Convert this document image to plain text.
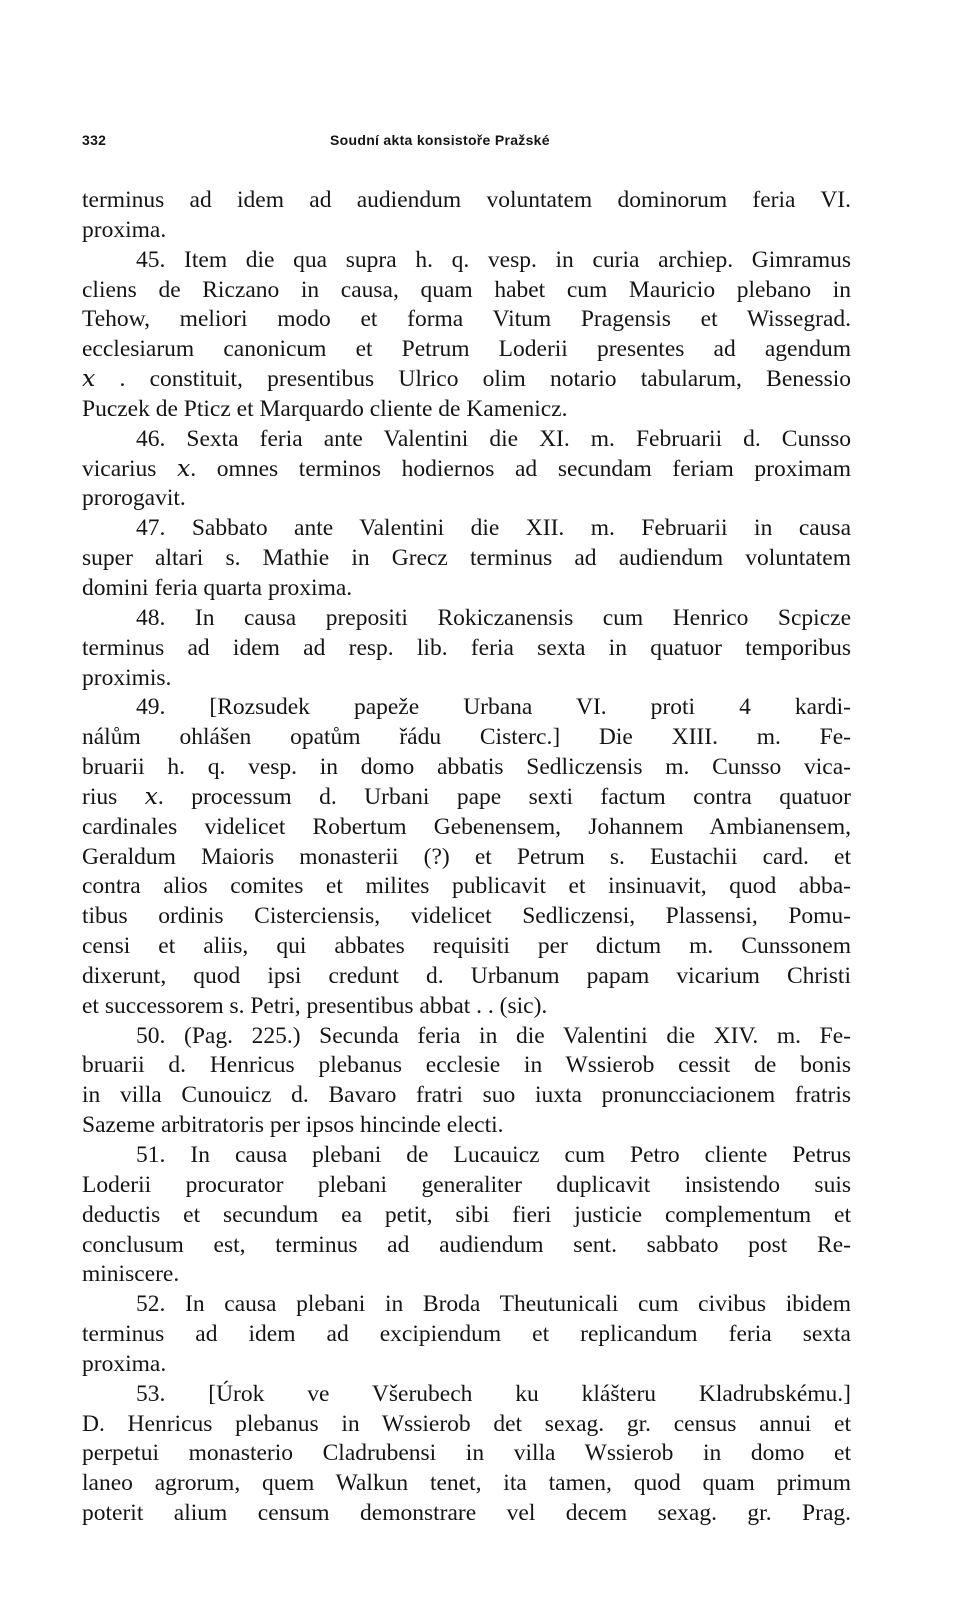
332	Soudní akta konsistoře Pražské
terminus ad idem ad audiendum voluntatem dominorum feria VI.
proxima.
45. Item die qua supra h. q. vesp. in curia archiep. Gimramus
cliens de Riczano in causa, quam habet cum Mauricio plebano in
Tehow, meliori modo et forma Vitum Pragensis et Wissegrad.
ecclesiarum canonicum et Petrum Loderii presentes ad agendum
𝑥 . constituit, presentibus Ulrico olim notario tabularum, Benessio
Puczek de Pticz et Marquardo cliente de Kamenicz.
46. Sexta feria ante Valentini die XI. m. Februarii d. Cunsso
vicarius 𝑥. omnes terminos hodiernos ad secundam feriam proximam
prorogavit.
47. Sabbato ante Valentini die XII. m. Februarii in causa
super altari s. Mathie in Grecz terminus ad audiendum voluntatem
domini feria quarta proxima.
48. In causa prepositi Rokiczanensis cum Henrico Scpicze
terminus ad idem ad resp. lib. feria sexta in quatuor temporibus
proximis.
49. [Rozsudek papeže Urbana VI. proti 4 kardi-
nálům ohlášen opatům řádu Cisterc.] Die XIII. m. Fe-
bruarii h. q. vesp. in domo abbatis Sedliczensis m. Cunsso vica-
rius 𝑥. processum d. Urbani pape sexti factum contra quatuor
cardinales videlicet Robertum Gebenensem, Johannem Ambianensem,
Geraldum Maioris monasterii (?) et Petrum s. Eustachii card. et
contra alios comites et milites publicavit et insinuavit, quod abba-
tibus ordinis Cisterciensis, videlicet Sedliczensi, Plassensi, Pomu-
censi et aliis, qui abbates requisiti per dictum m. Cunssonem
dixerunt, quod ipsi credunt d. Urbanum papam vicarium Christi
et successorem s. Petri, presentibus abbat . . (sic).
50. (Pag. 225.) Secunda feria in die Valentini die XIV. m. Fe-
bruarii d. Henricus plebanus ecclesie in Wssierob cessit de bonis
in villa Cunouicz d. Bavaro fratri suo iuxta pronuncciacionem fratris
Sazeme arbitratoris per ipsos hincinde electi.
51. In causa plebani de Lucauicz cum Petro cliente Petrus
Loderii procurator plebani generaliter duplicavit insistendo suis
deductis et secundum ea petit, sibi fieri justicie complementum et
conclusum est, terminus ad audiendum sent. sabbato post Re-
miniscere.
52. In causa plebani in Broda Theutunicali cum civibus ibidem
terminus ad idem ad excipiendum et replicandum feria sexta
proxima.
53. [Úrok ve Všerubech ku klášteru Kladrubskému.]
D. Henricus plebanus in Wssierob det sexag. gr. census annui et
perpetui monasterio Cladrubensi in villa Wssierob in domo et
laneo agrorum, quem Walkun tenet, ita tamen, quod quam primum
poterit alium censum demonstrare vel decem sexag. gr. Prag.
